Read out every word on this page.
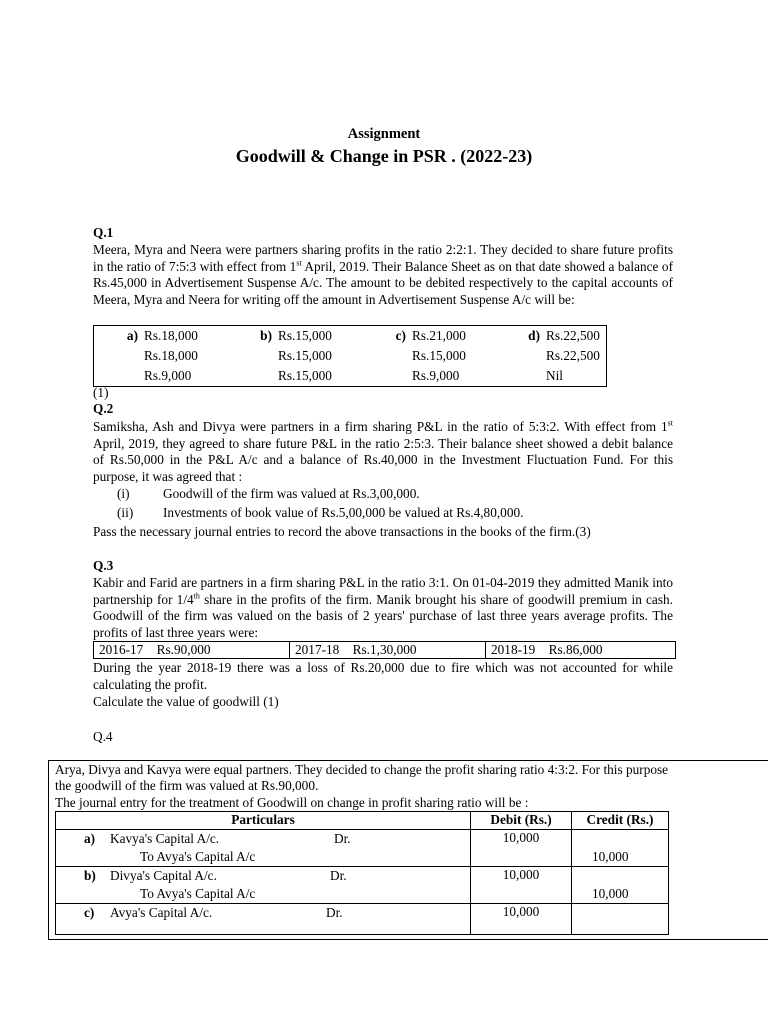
Assignment
Goodwill & Change in PSR . (2022-23)
Q.1
Meera, Myra and Neera were partners sharing profits in the ratio 2:2:1. They decided to share future profits in the ratio of 7:5:3 with effect from 1st April, 2019. Their Balance Sheet as on that date showed a balance of Rs.45,000 in Advertisement Suspense A/c. The amount to be debited respectively to the capital accounts of Meera, Myra and Neera for writing off the amount in Advertisement Suspense A/c will be:
a)	Rs.18,000	b)	Rs.15,000	c)	Rs.21,000	d)	Rs.22,500
	Rs.18,000		Rs.15,000		Rs.15,000		Rs.22,500
	Rs.9,000		Rs.15,000		Rs.9,000		Nil
(1)
Q.2
Samiksha, Ash and Divya were partners in a firm sharing P&L in the ratio of 5:3:2. With effect from 1st April, 2019, they agreed to share future P&L in the ratio 2:5:3. Their balance sheet showed a debit balance of Rs.50,000 in the P&L A/c and a balance of Rs.40,000 in the Investment Fluctuation Fund. For this purpose, it was agreed that :
(i)	Goodwill of the firm was valued at Rs.3,00,000.
(ii) Investments of book value of Rs.5,00,000 be valued at Rs.4,80,000.
Pass the necessary journal entries to record the above transactions in the books of the firm.(3)
Q.3
Kabir and Farid are partners in a firm sharing P&L in the ratio 3:1. On 01-04-2019 they admitted Manik into partnership for 1/4th share in the profits of the firm. Manik brought his share of goodwill premium in cash. Goodwill of the firm was valued on the basis of 2 years' purchase of last three years average profits. The profits of last three years were:
2016-17    Rs.90,000	2017-18    Rs.1,30,000	2018-19    Rs.86,000
During the year 2018-19 there was a loss of Rs.20,000 due to fire which was not accounted for while calculating the profit.
Calculate the value of goodwill (1)
Q.4
Arya, Divya and Kavya were equal partners. They decided to change the profit sharing ratio 4:3:2. For this purpose
the goodwill of the firm was valued at Rs.90,000.
The journal entry for the treatment of Goodwill on change in profit sharing ratio will be :
Particulars	Debit (Rs.)	Credit (Rs.)

a) Kavya's Capital A/c. Dr.
To Avya's Capital A/c	10,000	10,000

b) Divya's Capital A/c. Dr.
To Avya's Capital A/c	10,000	10,000

c) Avya's Capital A/c. Dr.	10,000	
